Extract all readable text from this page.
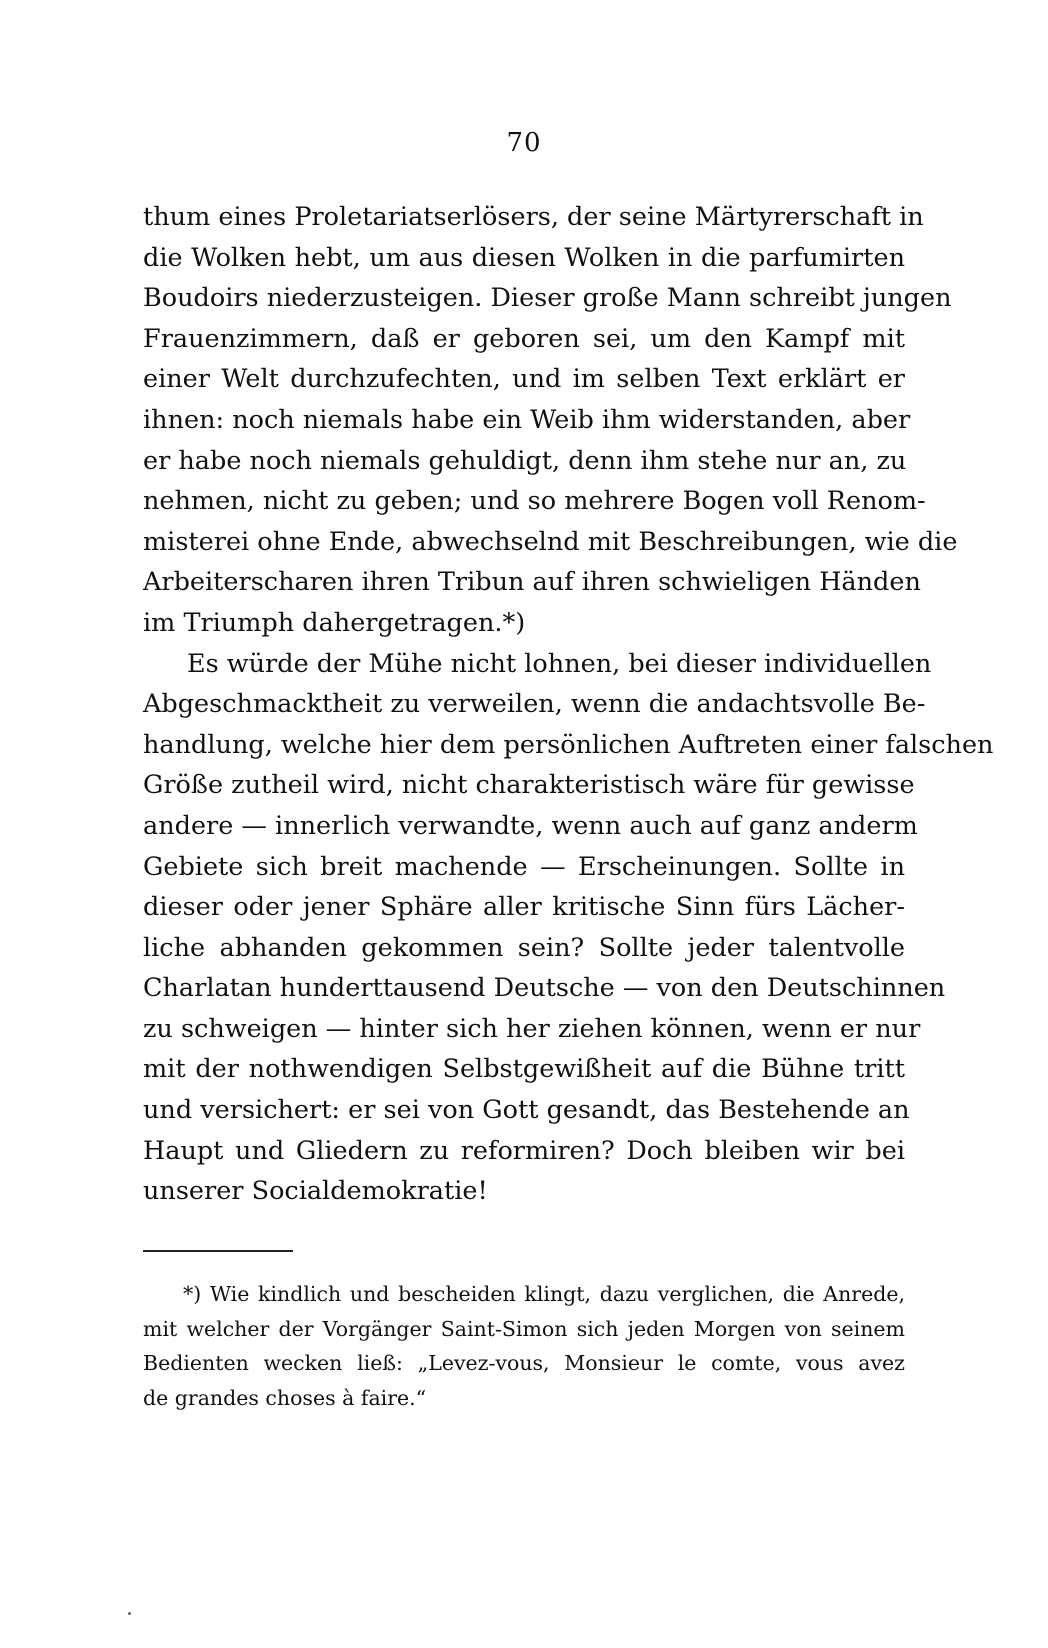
70
thum eines Proletariatserlösers, der seine Märtyrerschaft in
die Wolken hebt, um aus diesen Wolken in die parfumirten
Boudoirs niederzusteigen. Dieser große Mann schreibt jungen
Frauenzimmern, daß er geboren sei, um den Kampf mit
einer Welt durchzufechten, und im selben Text erklärt er
ihnen: noch niemals habe ein Weib ihm widerstanden, aber
er habe noch niemals gehuldigt, denn ihm stehe nur an, zu
nehmen, nicht zu geben; und so mehrere Bogen voll Renom-
misterei ohne Ende, abwechselnd mit Beschreibungen, wie die
Arbeiterscharen ihren Tribun auf ihren schwieligen Händen
im Triumph dahergetragen.*)
Es würde der Mühe nicht lohnen, bei dieser individuellen
Abgeschmacktheit zu verweilen, wenn die andachtsvolle Be-
handlung, welche hier dem persönlichen Auftreten einer falschen
Größe zutheil wird, nicht charakteristisch wäre für gewisse
andere — innerlich verwandte, wenn auch auf ganz anderm
Gebiete sich breit machende — Erscheinungen. Sollte in
dieser oder jener Sphäre aller kritische Sinn fürs Lächer-
liche abhanden gekommen sein? Sollte jeder talentvolle
Charlatan hunderttausend Deutsche — von den Deutschinnen
zu schweigen — hinter sich her ziehen können, wenn er nur
mit der nothwendigen Selbstgewißheit auf die Bühne tritt
und versichert: er sei von Gott gesandt, das Bestehende an
Haupt und Gliedern zu reformiren? Doch bleiben wir bei
unserer Socialdemokratie!
*) Wie kindlich und bescheiden klingt, dazu verglichen, die Anrede,
mit welcher der Vorgänger Saint-Simon sich jeden Morgen von seinem
Bedienten wecken ließ: „Levez-vous, Monsieur le comte, vous avez
de grandes choses à faire.“
